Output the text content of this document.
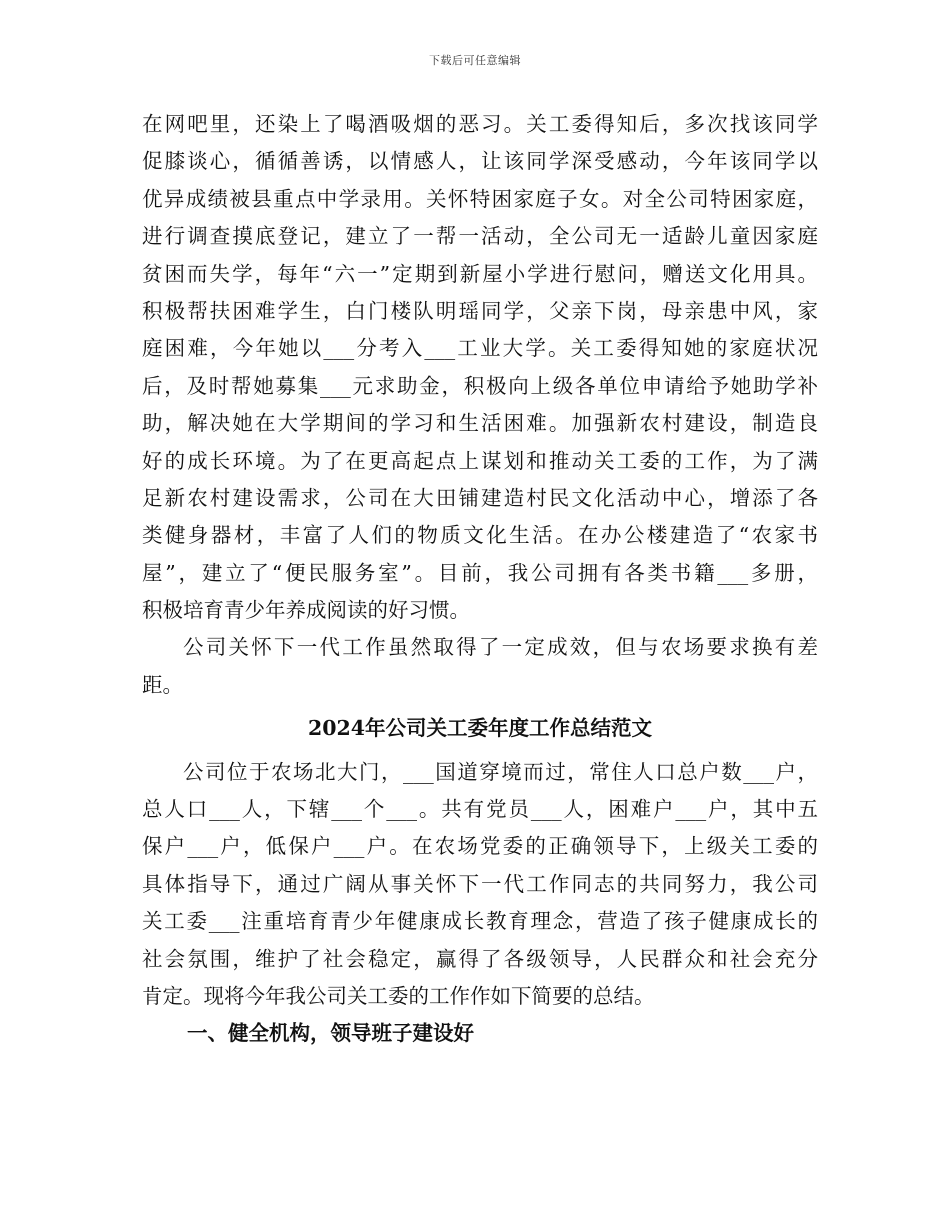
下载后可任意编辑
在网吧里，还染上了喝酒吸烟的恶习。关工委得知后，多次找该同学
促膝谈心，循循善诱，以情感人，让该同学深受感动，今年该同学以
优异成绩被县重点中学录用。关怀特困家庭子女。对全公司特困家庭，
进行调查摸底登记，建立了一帮一活动，全公司无一适龄儿童因家庭
贫困而失学，每年“六一”定期到新屋小学进行慰问，赠送文化用具。
积极帮扶困难学生，白门楼队明瑶同学，父亲下岗，母亲患中风，家
庭困难，今年她以___分考入___工业大学。关工委得知她的家庭状况
后，及时帮她募集___元求助金，积极向上级各单位申请给予她助学补
助，解决她在大学期间的学习和生活困难。加强新农村建设，制造良
好的成长环境。为了在更高起点上谋划和推动关工委的工作，为了满
足新农村建设需求，公司在大田铺建造村民文化活动中心，增添了各
类健身器材，丰富了人们的物质文化生活。在办公楼建造了“农家书
屋”，建立了“便民服务室”。目前，我公司拥有各类书籍___多册，
积极培育青少年养成阅读的好习惯。
公司关怀下一代工作虽然取得了一定成效，但与农场要求换有差
距。
2024年公司关工委年度工作总结范文
公司位于农场北大门，___国道穿境而过，常住人口总户数___户，
总人口___人，下辖___个___。共有党员___人，困难户___户，其中五
保户___户，低保户___户。在农场党委的正确领导下，上级关工委的
具体指导下，通过广阔从事关怀下一代工作同志的共同努力，我公司
关工委___注重培育青少年健康成长教育理念，营造了孩子健康成长的
社会氛围，维护了社会稳定，赢得了各级领导，人民群众和社会充分
肯定。现将今年我公司关工委的工作作如下简要的总结。
一、健全机构，领导班子建设好
